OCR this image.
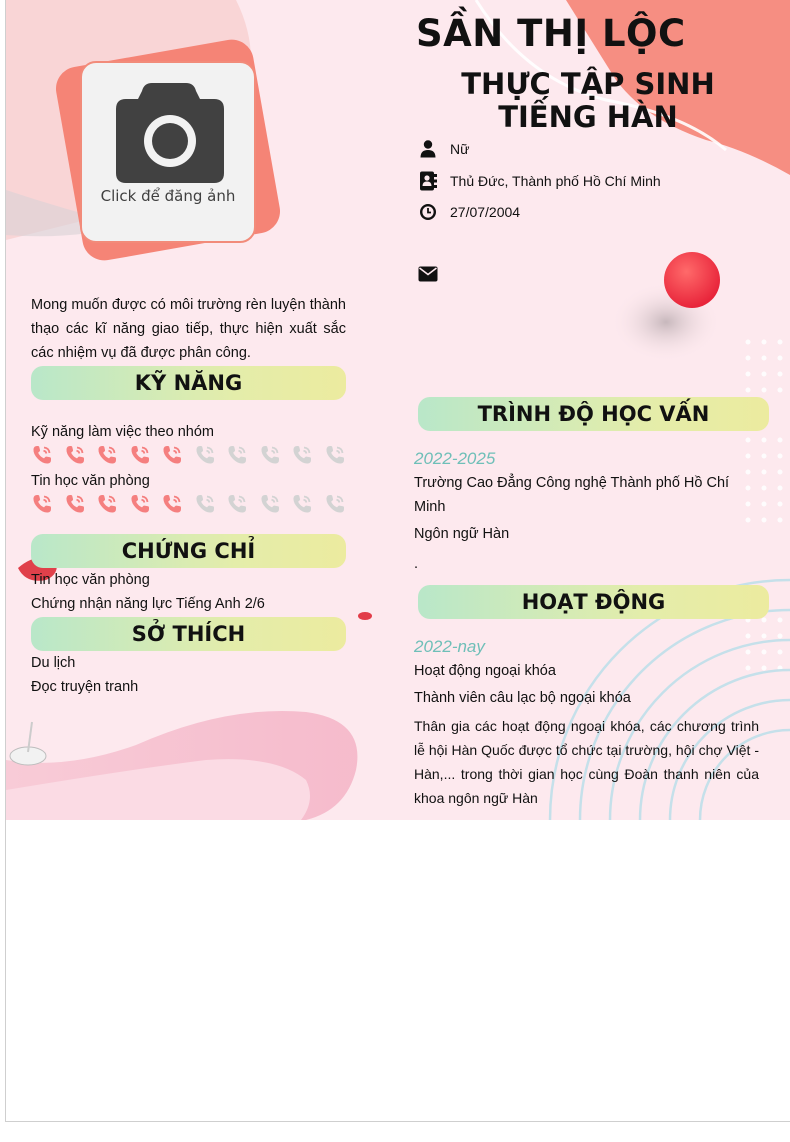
Click để đăng ảnh
SẦN THỊ LỘC
THỰC TẬP SINH TIẾNG HÀN
Nữ
Thủ Đức, Thành phố Hồ Chí Minh
27/07/2004
Mong muốn được có môi trường rèn luyện thành thạo các kĩ năng giao tiếp, thực hiện xuất sắc các nhiệm vụ đã được phân công.
KỸ NĂNG
Kỹ năng làm việc theo nhóm
Tin học văn phòng
CHỨNG CHỈ
Tin học văn phòng
Chứng nhận năng lực Tiếng Anh 2/6
SỞ THÍCH
Du lịch
Đọc truyện tranh
TRÌNH ĐỘ HỌC VẤN
2022-2025
Trường Cao Đẳng Công nghệ Thành phố Hồ Chí Minh
Ngôn ngữ Hàn
.
HOẠT ĐỘNG
2022-nay
Hoạt động ngoại khóa
Thành viên câu lạc bộ ngoại khóa
Thân gia các hoạt động ngoại khóa, các chương trình lễ hội Hàn Quốc được tổ chức tại trường, hội chợ Việt - Hàn,... trong thời gian học cùng Đoàn thanh niên của khoa ngôn ngữ Hàn
